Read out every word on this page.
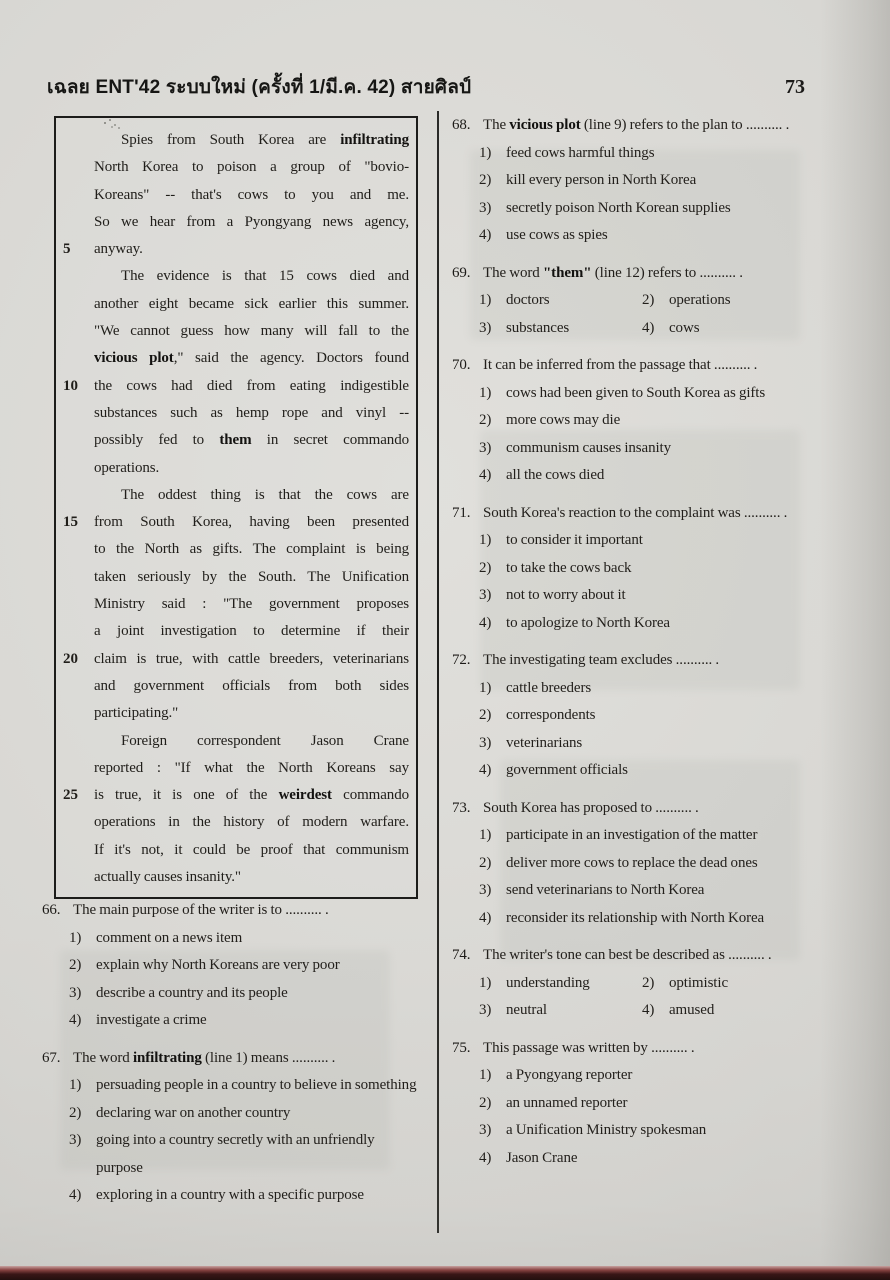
เฉลย ENT'42 ระบบใหม่ (ครั้งที่ 1/มี.ค. 42) สายศิลป์	73
Spies from South Korea are infiltrating
North Korea to poison a group of "bovio-
Koreans" -- that's cows to you and me.
So we hear from a Pyongyang news agency,
5	anyway.
The evidence is that 15 cows died and
another eight became sick earlier this summer.
"We cannot guess how many will fall to the
vicious plot," said the agency. Doctors found
10	the cows had died from eating indigestible
substances such as hemp rope and vinyl --
possibly fed to them in secret commando
operations.
The oddest thing is that the cows are
15	from South Korea, having been presented
to the North as gifts. The complaint is being
taken seriously by the South. The Unification
Ministry said : "The government proposes
a joint investigation to determine if their
20	claim is true, with cattle breeders, veterinarians
and government officials from both sides
participating."
Foreign correspondent Jason Crane
reported : "If what the North Koreans say
25	is true, it is one of the weirdest commando
operations in the history of modern warfare.
If it's not, it could be proof that communism
actually causes insanity."
66. The main purpose of the writer is to .......... .
1) comment on a news item
2) explain why North Koreans are very poor
3) describe a country and its people
4) investigate a crime
67. The word infiltrating (line 1) means .......... .
1) persuading people in a country to believe in something
2) declaring war on another country
3) going into a country secretly with an unfriendly purpose
4) exploring in a country with a specific purpose
68. The vicious plot (line 9) refers to the plan to .......... .
1) feed cows harmful things
2) kill every person in North Korea
3) secretly poison North Korean supplies
4) use cows as spies
69. The word "them" (line 12) refers to .......... .
1) doctors	2) operations
3) substances	4) cows
70. It can be inferred from the passage that .......... .
1) cows had been given to South Korea as gifts
2) more cows may die
3) communism causes insanity
4) all the cows died
71. South Korea's reaction to the complaint was .......... .
1) to consider it important
2) to take the cows back
3) not to worry about it
4) to apologize to North Korea
72. The investigating team excludes .......... .
1) cattle breeders
2) correspondents
3) veterinarians
4) government officials
73. South Korea has proposed to .......... .
1) participate in an investigation of the matter
2) deliver more cows to replace the dead ones
3) send veterinarians to North Korea
4) reconsider its relationship with North Korea
74. The writer's tone can best be described as .......... .
1) understanding	2) optimistic
3) neutral	4) amused
75. This passage was written by .......... .
1) a Pyongyang reporter
2) an unnamed reporter
3) a Unification Ministry spokesman
4) Jason Crane
